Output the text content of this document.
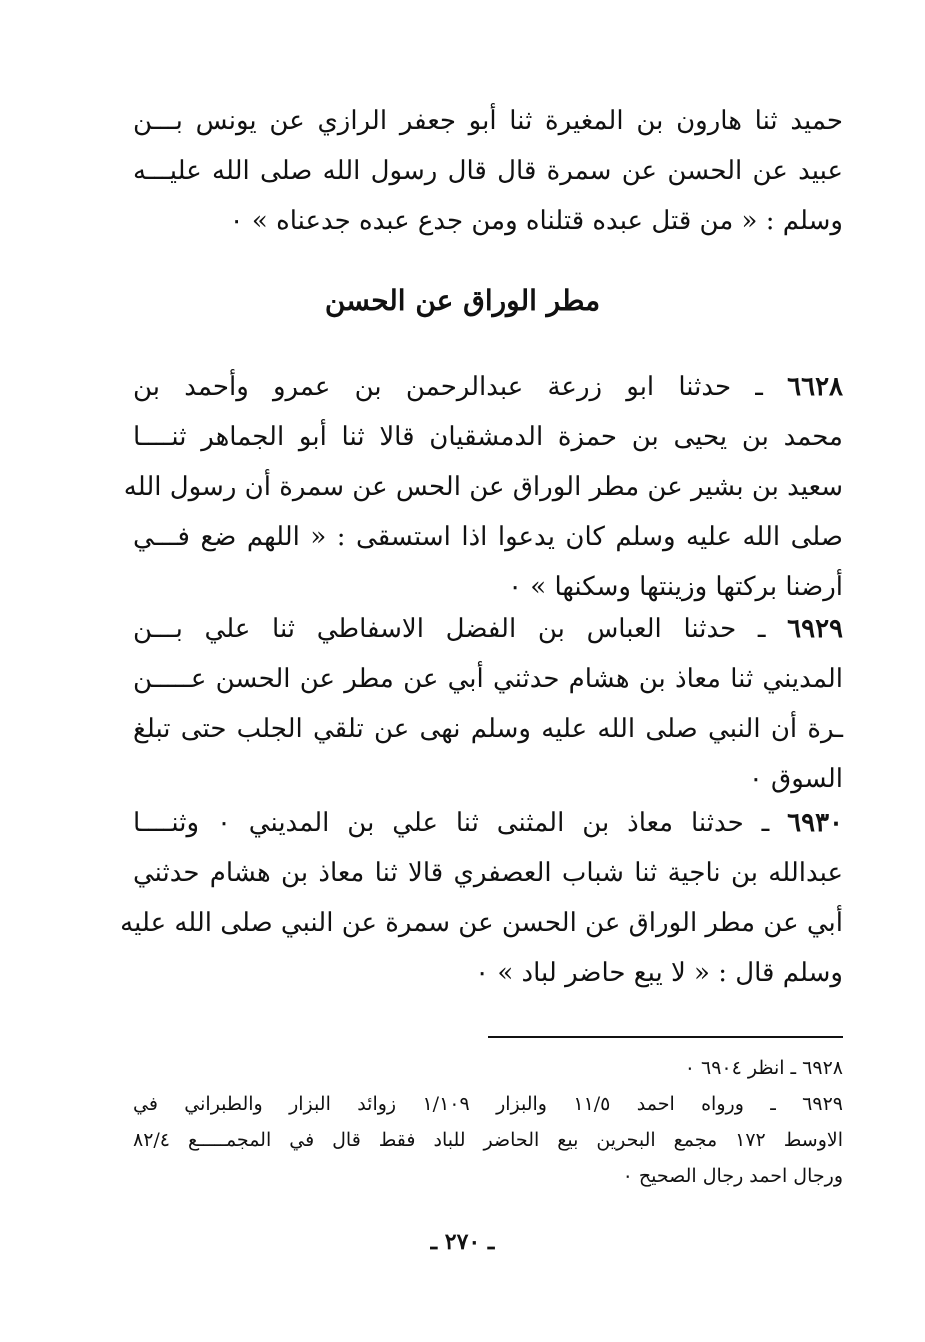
حميد ثنا هارون بن المغيرة ثنا أبو جعفر الرازي عن يونس بـــن
عبيد عن الحسن عن سمرة قال قال رسول الله صلى الله عليـــه
وسلم : « من قتل عبده قتلناه ومن جدع عبده جدعناه » ٠
مطر الوراق عن الحسن
٦٦٢٨ ـ حدثنا ابو زرعة عبدالرحمن بن عمرو وأحمد بن
محمد بن يحيى بن حمزة الدمشقيان قالا ثنا أبو الجماهر ثنــــا
سعيد بن بشير عن مطر الوراق عن الحس عن سمرة أن رسول الله
صلى الله عليه وسلم كان يدعوا اذا استسقى : « اللهم ضع فـــي
أرضنا بركتها وزينتها وسكنها » ٠
٦٩٢٩ ـ حدثنا العباس بن الفضل الاسفاطي ثنا علي بـــن
المديني ثنا معاذ بن هشام حدثني أبي عن مطر عن الحسن عـــــن
ـرة أن النبي صلى الله عليه وسلم نهى عن تلقي الجلب حتى تبلغ
السوق ٠
٦٩٣٠ ـ حدثنا معاذ بن المثنى ثنا علي بن المديني ٠ وثنــــا
عبدالله بن ناجية ثنا شباب العصفري قالا ثنا معاذ بن هشام حدثني
أبي عن مطر الوراق عن الحسن عن سمرة عن النبي صلى الله عليه
وسلم قال : « لا يبع حاضر لباد » ٠
٦٩٢٨ ـ انظر ٦٩٠٤ ٠
٦٩٢٩ ـ ورواه احمد ١١/٥ والبزار ١/١٠٩ زوائد البزار والطبراني في
الاوسط ١٧٢ مجمع البحرين بيع الحاضر للباد فقط قال في المجمـــــع ٨٢/٤
ورجال احمد رجال الصحيح ٠
ـ ٢٧٠ ـ
